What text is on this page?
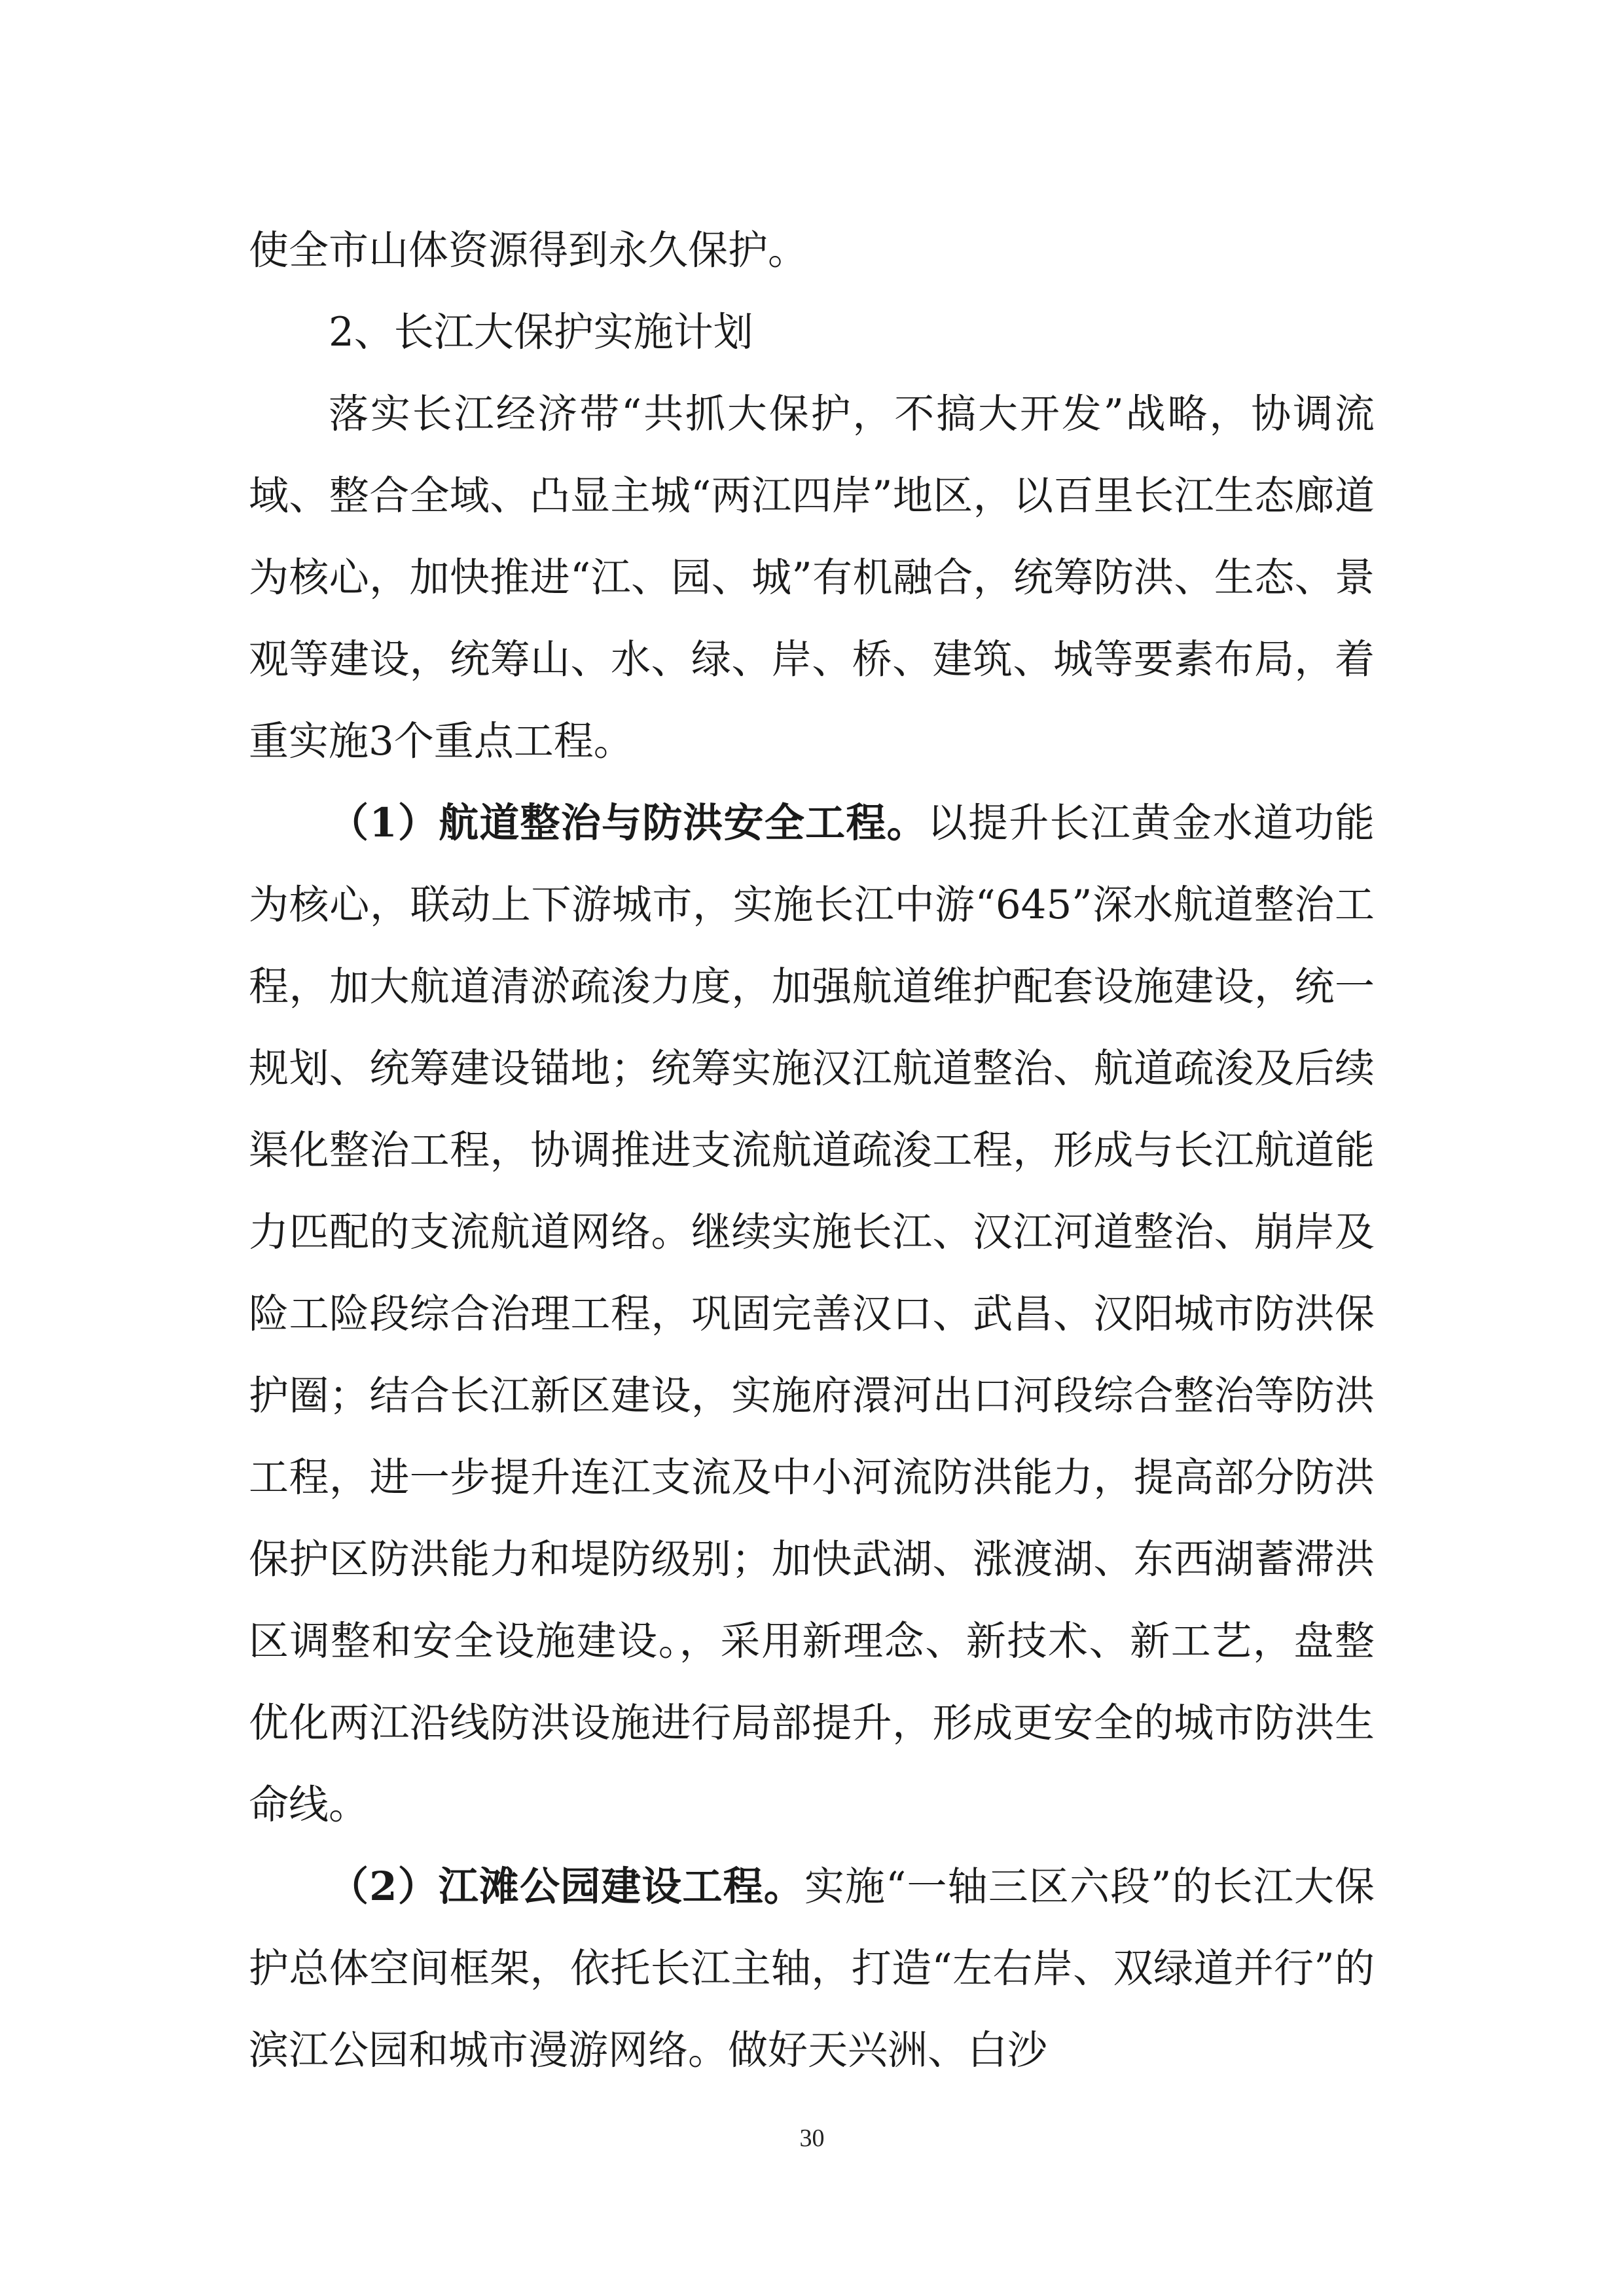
使全市山体资源得到永久保护。

2、长江大保护实施计划

落实长江经济带“共抓大保护，不搞大开发”战略，协调流域、整合全域、凸显主城“两江四岸”地区，以百里长江生态廊道为核心，加快推进“江、园、城”有机融合，统筹防洪、生态、景观等建设，统筹山、水、绿、岸、桥、建筑、城等要素布局，着重实施3个重点工程。

（1）航道整治与防洪安全工程。以提升长江黄金水道功能为核心，联动上下游城市，实施长江中游“645”深水航道整治工程，加大航道清淤疏浚力度，加强航道维护配套设施建设，统一规划、统筹建设锚地；统筹实施汉江航道整治、航道疏浚及后续渠化整治工程，协调推进支流航道疏浚工程，形成与长江航道能力匹配的支流航道网络。继续实施长江、汉江河道整治、崩岸及险工险段综合治理工程，巩固完善汉口、武昌、汉阳城市防洪保护圈；结合长江新区建设，实施府澴河出口河段综合整治等防洪工程，进一步提升连江支流及中小河流防洪能力，提高部分防洪保护区防洪能力和堤防级别；加快武湖、涨渡湖、东西湖蓄滞洪区调整和安全设施建设。，采用新理念、新技术、新工艺，盘整优化两江沿线防洪设施进行局部提升，形成更安全的城市防洪生命线。

（2）江滩公园建设工程。实施“一轴三区六段”的长江大保护总体空间框架，依托长江主轴，打造“左右岸、双绿道并行”的滨江公园和城市漫游网络。做好天兴洲、白沙

30
